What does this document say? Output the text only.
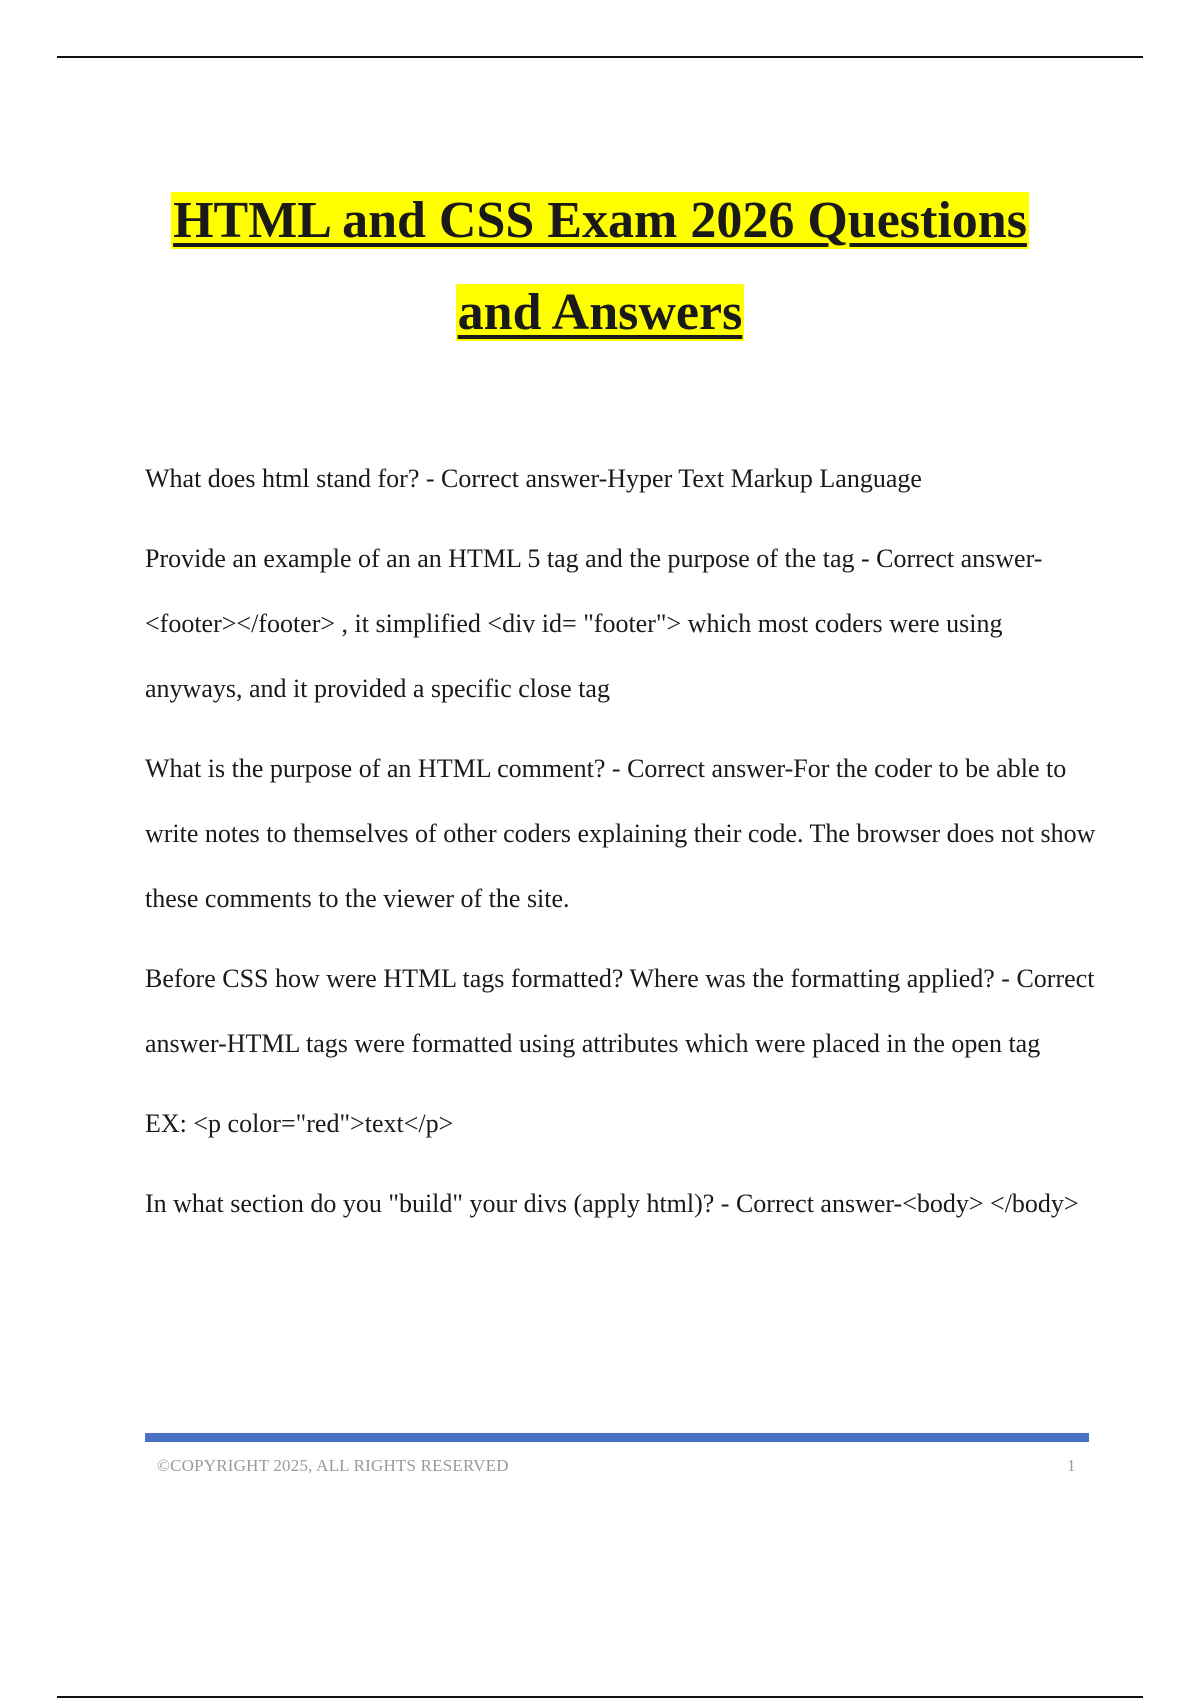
HTML and CSS Exam 2026 Questions
and Answers

What does html stand for? - Correct answer-Hyper Text Markup Language

Provide an example of an an HTML 5 tag and the purpose of the tag - Correct answer-<footer></footer> , it simplified <div id= "footer"> which most coders were using anyways, and it provided a specific close tag

What is the purpose of an HTML comment? - Correct answer-For the coder to be able to write notes to themselves of other coders explaining their code. The browser does not show these comments to the viewer of the site.

Before CSS how were HTML tags formatted? Where was the formatting applied? - Correct answer-HTML tags were formatted using attributes which were placed in the open tag

EX: <p color="red">text</p>

In what section do you "build" your divs (apply html)? - Correct answer-<body> </body>

©COPYRIGHT 2025, ALL RIGHTS RESERVED	1
